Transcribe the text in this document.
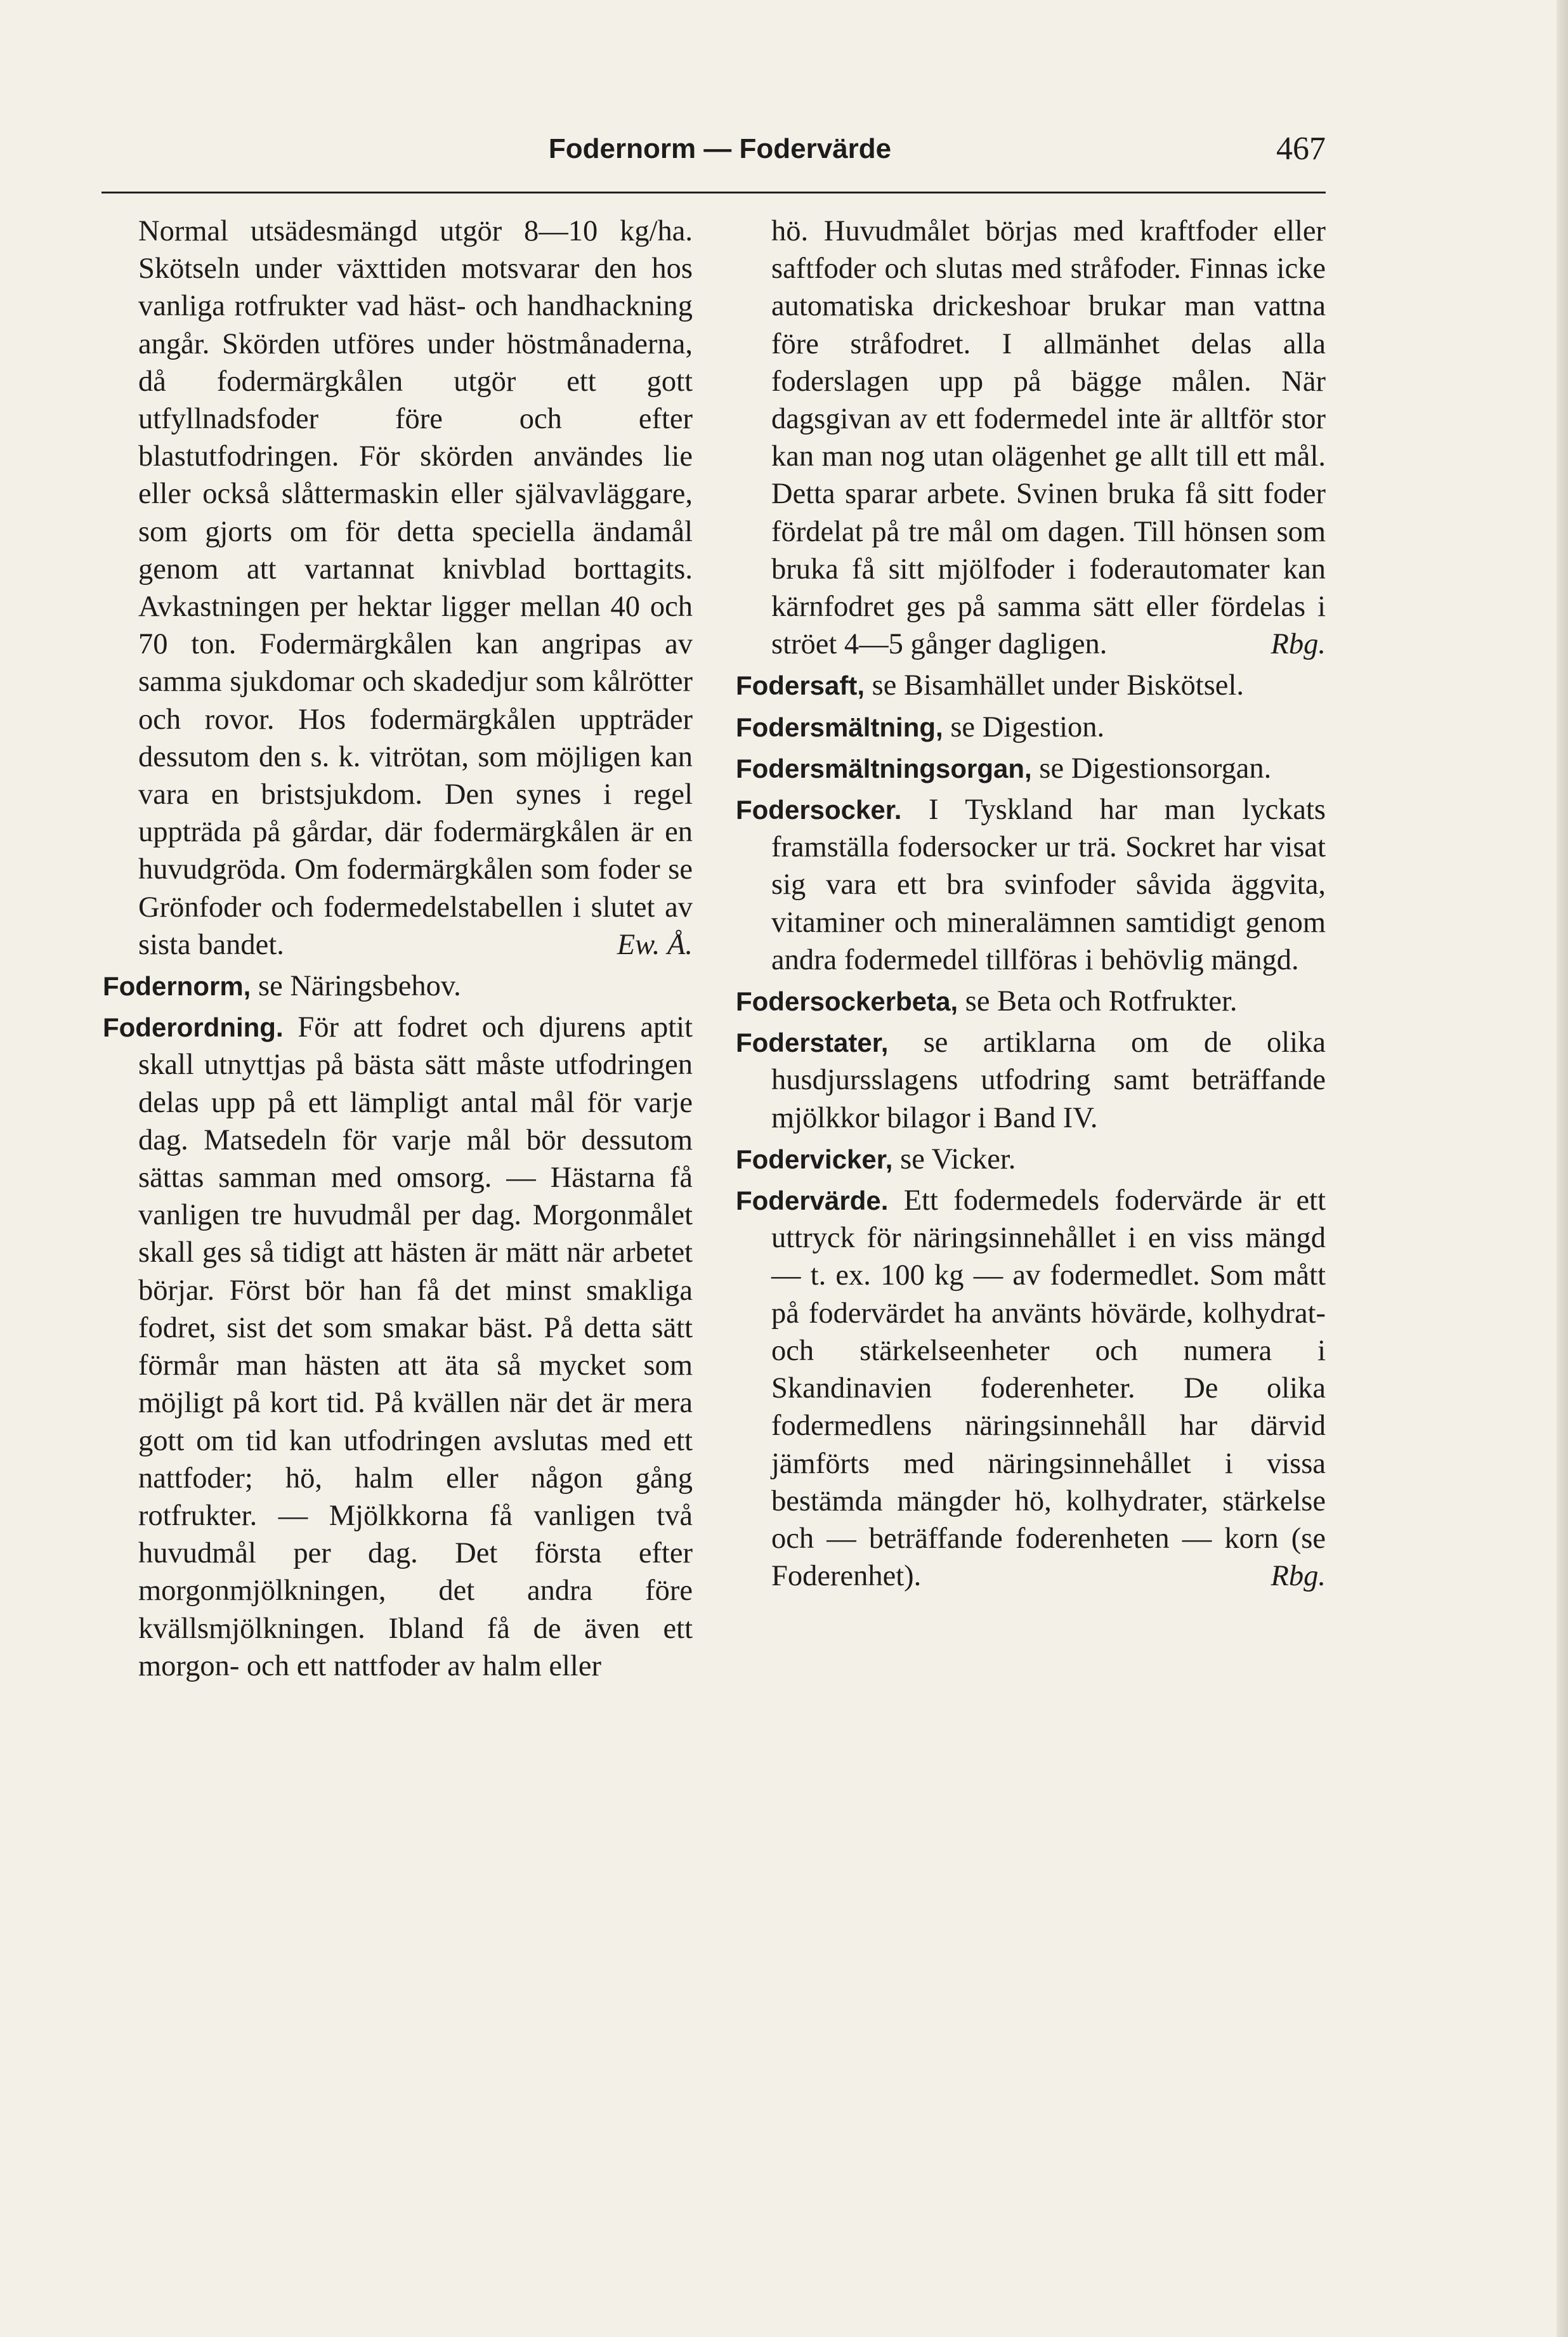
Fodernorm — Fodervärde	467

Normal utsädesmängd utgör 8—10 kg/ha. Skötseln under växttiden motsvarar den hos vanliga rotfrukter vad häst- och handhackning angår. Skörden utföres under höstmånaderna, då fodermärgkålen utgör ett gott utfyllnadsfoder före och efter blastutfodringen. För skörden användes lie eller också slåttermaskin eller självavläggare, som gjorts om för detta speciella ändamål genom att vartannat knivblad borttagits. Avkastningen per hektar ligger mellan 40 och 70 ton. Fodermärgkålen kan angripas av samma sjukdomar och skadedjur som kålrötter och rovor. Hos fodermärgkålen uppträder dessutom den s. k. vitrötan, som möjligen kan vara en bristsjukdom. Den synes i regel uppträda på gårdar, där fodermärgkålen är en huvudgröda. Om fodermärgkålen som foder se Grönfoder och fodermedelstabellen i slutet av sista bandet.	Ew. Å.

Fodernorm, se Näringsbehov.

Foderordning. För att fodret och djurens aptit skall utnyttjas på bästa sätt måste utfodringen delas upp på ett lämpligt antal mål för varje dag. Matsedeln för varje mål bör dessutom sättas samman med omsorg. — Hästarna få vanligen tre huvudmål per dag. Morgonmålet skall ges så tidigt att hästen är mätt när arbetet börjar. Först bör han få det minst smakliga fodret, sist det som smakar bäst. På detta sätt förmår man hästen att äta så mycket som möjligt på kort tid. På kvällen när det är mera gott om tid kan utfodringen avslutas med ett nattfoder; hö, halm eller någon gång rotfrukter. — Mjölkkorna få vanligen två huvudmål per dag. Det första efter morgonmjölkningen, det andra före kvällsmjölkningen. Ibland få de även ett morgon- och ett nattfoder av halm eller

hö. Huvudmålet börjas med kraftfoder eller saftfoder och slutas med stråfoder. Finnas icke automatiska drickeshoar brukar man vattna före stråfodret. I allmänhet delas alla foderslagen upp på bägge målen. När dagsgivan av ett fodermedel inte är alltför stor kan man nog utan olägenhet ge allt till ett mål. Detta sparar arbete. Svinen bruka få sitt foder fördelat på tre mål om dagen. Till hönsen som bruka få sitt mjölfoder i foderautomater kan kärnfodret ges på samma sätt eller fördelas i ströet 4—5 gånger dagligen.	Rbg.

Fodersaft, se Bisamhället under Biskötsel.

Fodersmältning, se Digestion.

Fodersmältningsorgan, se Digestionsorgan.

Fodersocker. I Tyskland har man lyckats framställa fodersocker ur trä. Sockret har visat sig vara ett bra svinfoder såvida äggvita, vitaminer och mineralämnen samtidigt genom andra fodermedel tillföras i behövlig mängd.

Fodersockerbeta, se Beta och Rotfrukter.

Foderstater, se artiklarna om de olika husdjursslagens utfodring samt beträffande mjölkkor bilagor i Band IV.

Fodervicker, se Vicker.

Fodervärde. Ett fodermedels fodervärde är ett uttryck för näringsinnehållet i en viss mängd — t. ex. 100 kg — av fodermedlet. Som mått på fodervärdet ha använts hövärde, kolhydrat- och stärkelseenheter och numera i Skandinavien foderenheter. De olika fodermedlens näringsinnehåll har därvid jämförts med näringsinnehållet i vissa bestämda mängder hö, kolhydrater, stärkelse och — beträffande foderenheten — korn (se Foderenhet).	Rbg.
